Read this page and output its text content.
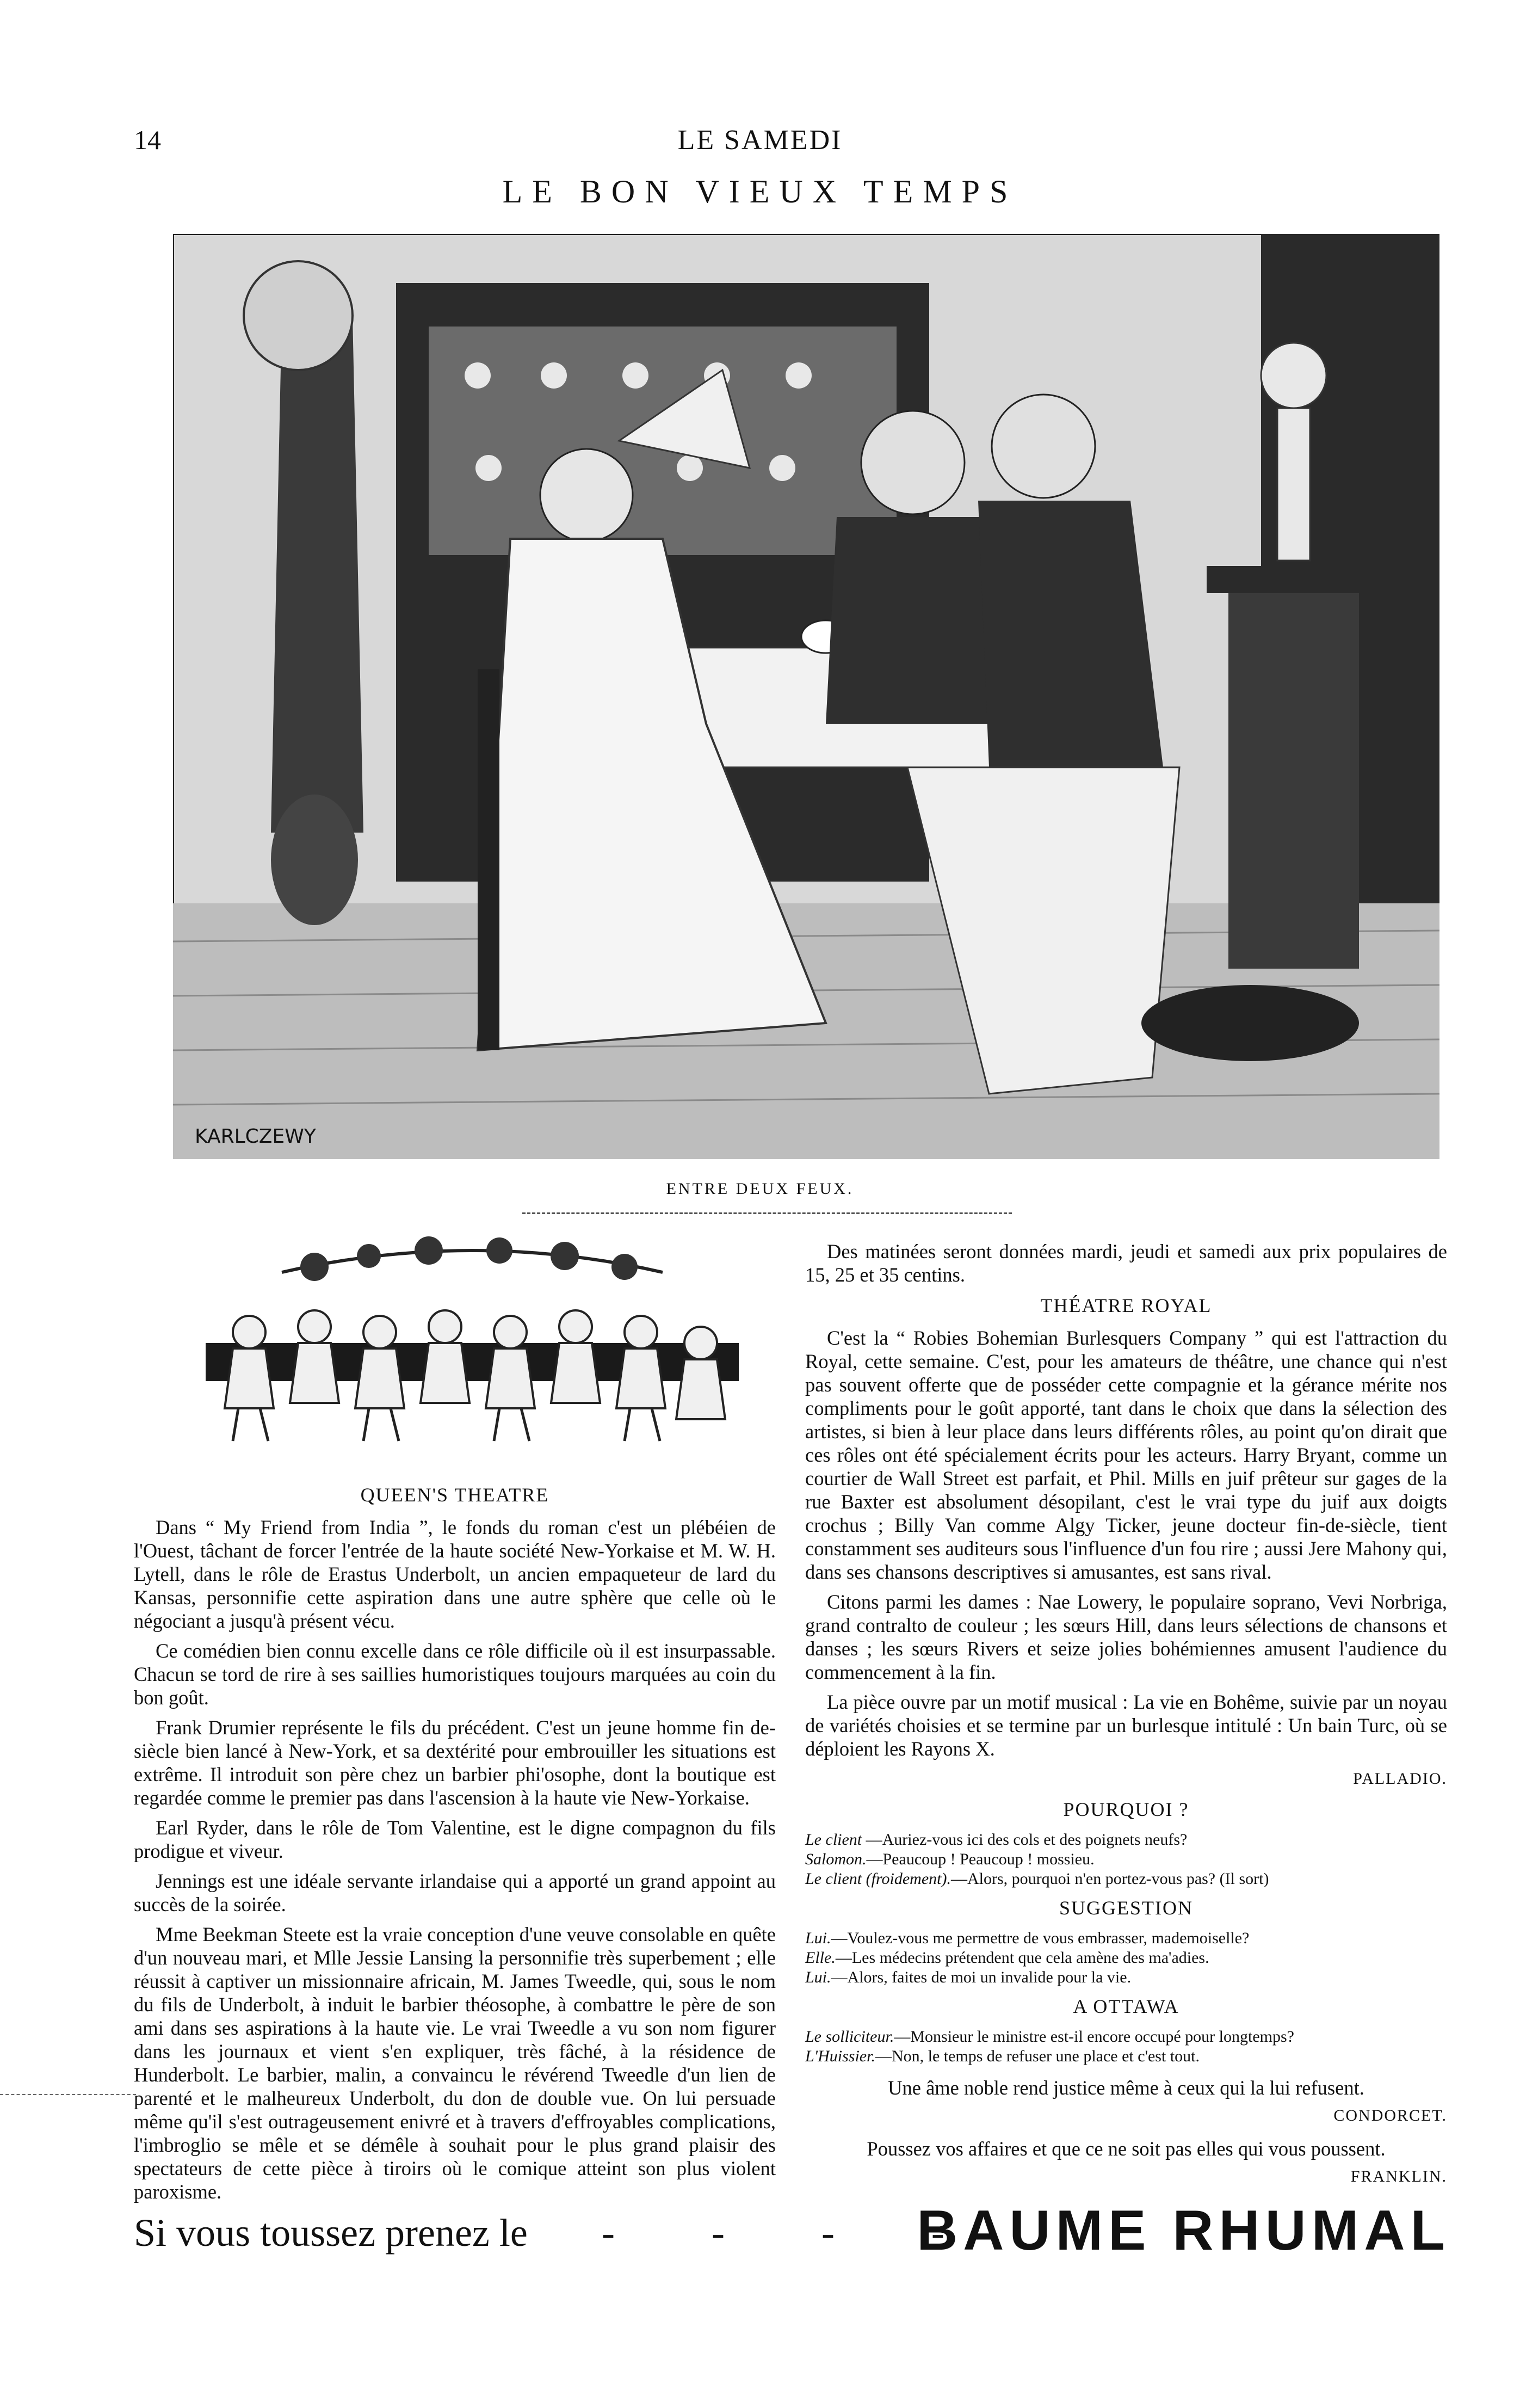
14	LE SAMEDI
LE BON VIEUX TEMPS
KARLCZEWY
ENTRE DEUX FEUX.
QUEEN'S THEATRE

Dans “ My Friend from India ”, le fonds du roman c'est un plébéien de l'Ouest, tâchant de forcer l'entrée de la haute société New-Yorkaise et M. W. H. Lytell, dans le rôle de Erastus Underbolt, un ancien empaqueteur de lard du Kansas, personnifie cette aspiration dans une autre sphère que celle où le négociant a jusqu'à présent vécu.

Ce comédien bien connu excelle dans ce rôle difficile où il est insurpassable. Chacun se tord de rire à ses saillies humoristiques toujours marquées au coin du bon goût.

Frank Drumier représente le fils du précédent. C'est un jeune homme fin de-siècle bien lancé à New-York, et sa dextérité pour embrouiller les situations est extrême. Il introduit son père chez un barbier phi'osophe, dont la boutique est regardée comme le premier pas dans l'ascension à la haute vie New-Yorkaise.

Earl Ryder, dans le rôle de Tom Valentine, est le digne compagnon du fils prodigue et viveur.

Jennings est une idéale servante irlandaise qui a apporté un grand appoint au succès de la soirée.

Mme Beekman Steete est la vraie conception d'une veuve consolable en quête d'un nouveau mari, et Mlle Jessie Lansing la personnifie très superbement ; elle réussit à captiver un missionnaire africain, M. James Tweedle, qui, sous le nom du fils de Underbolt, à induit le barbier théosophe, à combattre le père de son ami dans ses aspirations à la haute vie. Le vrai Tweedle a vu son nom figurer dans les journaux et vient s'en expliquer, très fâché, à la résidence de Hunderbolt. Le barbier, malin, a convaincu le révérend Tweedle d'un lien de parenté et le malheureux Underbolt, du don de double vue. On lui persuade même qu'il s'est outrageusement enivré et à travers d'effroyables complications, l'imbroglio se mêle et se démêle à souhait pour le plus grand plaisir des spectateurs de cette pièce à tiroirs où le comique atteint son plus violent paroxisme.

Des matinées seront données mardi, jeudi et samedi aux prix populaires de 15, 25 et 35 centins.

THÉATRE ROYAL

C'est la “ Robies Bohemian Burlesquers Company ” qui est l'attraction du Royal, cette semaine. C'est, pour les amateurs de théâtre, une chance qui n'est pas souvent offerte que de posséder cette compagnie et la gérance mérite nos compliments pour le goût apporté, tant dans le choix que dans la sélection des artistes, si bien à leur place dans leurs différents rôles, au point qu'on dirait que ces rôles ont été spécialement écrits pour les acteurs. Harry Bryant, comme un courtier de Wall Street est parfait, et Phil. Mills en juif prêteur sur gages de la rue Baxter est absolument désopilant, c'est le vrai type du juif aux doigts crochus ; Billy Van comme Algy Ticker, jeune docteur fin-de-siècle, tient constamment ses auditeurs sous l'influence d'un fou rire ; aussi Jere Mahony qui, dans ses chansons descriptives si amusantes, est sans rival.

Citons parmi les dames : Nae Lowery, le populaire soprano, Vevi Norbriga, grand contralto de couleur ; les sœurs Hill, dans leurs sélections de chansons et danses ; les sœurs Rivers et seize jolies bohémiennes amusent l'audience du commencement à la fin.

La pièce ouvre par un motif musical : La vie en Bohême, suivie par un noyau de variétés choisies et se termine par un burlesque intitulé : Un bain Turc, où se déploient les Rayons X.

PALLADIO.

POURQUOI ?

Le client —Auriez-vous ici des cols et des poignets neufs?

Salomon.—Peaucoup ! Peaucoup ! mossieu.

Le client (froidement).—Alors, pourquoi n'en portez-vous pas? (Il sort)

SUGGESTION

Lui.—Voulez-vous me permettre de vous embrasser, mademoiselle?

Elle.—Les médecins prétendent que cela amène des ma'adies.

Lui.—Alors, faites de moi un invalide pour la vie.

A OTTAWA

Le solliciteur.—Monsieur le ministre est-il encore occupé pour longtemps?

L'Huissier.—Non, le temps de refuser une place et c'est tout.

Une âme noble rend justice même à ceux qui la lui refusent.

CONDORCET.

Poussez vos affaires et que ce ne soit pas elles qui vous poussent.

FRANKLIN.

Si vous toussez prenez le - - - -
BAUME RHUMAL
